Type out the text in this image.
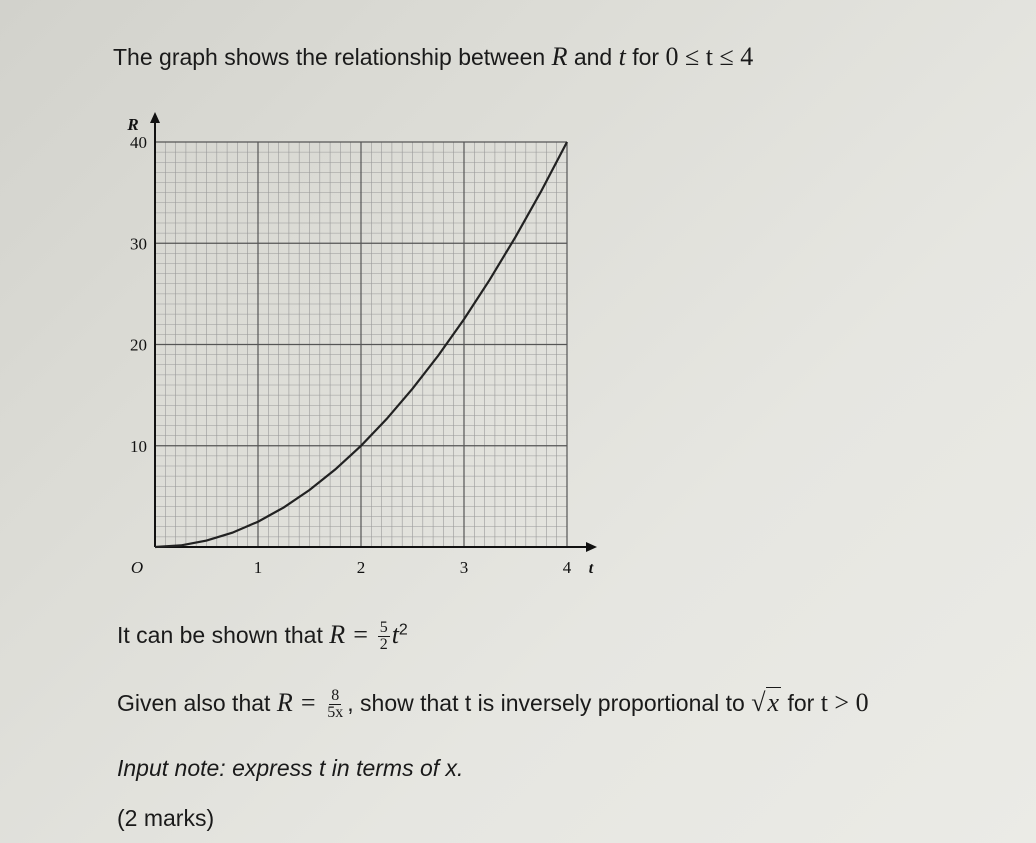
The graph shows the relationship between R and t for 0 ≤ t ≤ 4
1	2	3	4
10
20
30
40
O	t
R
It can be shown that $R = \frac{5}{2} t^2$
Given also that $R = \frac{8}{5x}$ , show that t is inversely proportional to √x for t > 0
Input note: express t in terms of x.
(2 marks)
